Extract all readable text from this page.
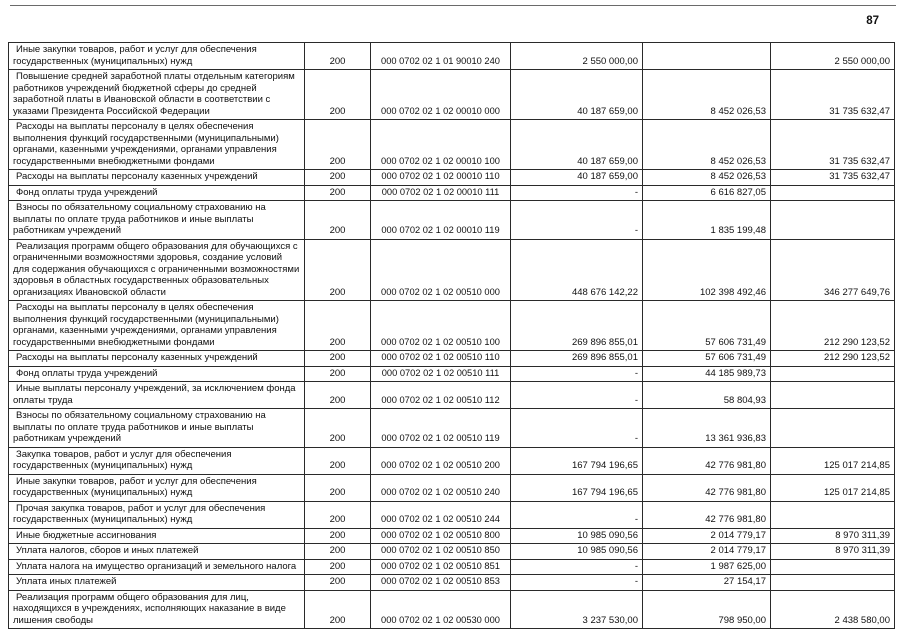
87
Иные закупки товаров, работ и услуг для обеспечения государственных (муниципальных) нужд	200	000 0702 02 1 01 90010 240	2 550 000,00		2 550 000,00
Повышение средней заработной платы отдельным категориям работников учреждений бюджетной сферы до средней заработной платы в Ивановской области в соответствии с указами Президента Российской Федерации	200	000 0702 02 1 02 00010 000	40 187 659,00	8 452 026,53	31 735 632,47
Расходы на выплаты персоналу в целях обеспечения выполнения функций государственными (муниципальными) органами, казенными учреждениями, органами управления государственными внебюджетными фондами	200	000 0702 02 1 02 00010 100	40 187 659,00	8 452 026,53	31 735 632,47
Расходы на выплаты персоналу казенных учреждений	200	000 0702 02 1 02 00010 110	40 187 659,00	8 452 026,53	31 735 632,47
Фонд оплаты труда учреждений	200	000 0702 02 1 02 00010 111	-	6 616 827,05	
Взносы по обязательному социальному страхованию на выплаты по оплате труда работников и иные выплаты работникам учреждений	200	000 0702 02 1 02 00010 119	-	1 835 199,48	
Реализация программ общего образования для обучающихся с ограниченными возможностями здоровья, создание условий для содержания обучающихся с ограниченными возможностями здоровья в областных государственных образовательных организациях Ивановской области	200	000 0702 02 1 02 00510 000	448 676 142,22	102 398 492,46	346 277 649,76
Расходы на выплаты персоналу в целях обеспечения выполнения функций государственными (муниципальными) органами, казенными учреждениями, органами управления государственными внебюджетными фондами	200	000 0702 02 1 02 00510 100	269 896 855,01	57 606 731,49	212 290 123,52
Расходы на выплаты персоналу казенных учреждений	200	000 0702 02 1 02 00510 110	269 896 855,01	57 606 731,49	212 290 123,52
Фонд оплаты труда учреждений	200	000 0702 02 1 02 00510 111	-	44 185 989,73	
Иные выплаты персоналу учреждений, за исключением фонда оплаты труда	200	000 0702 02 1 02 00510 112	-	58 804,93	
Взносы по обязательному социальному страхованию на выплаты по оплате труда работников и иные выплаты работникам учреждений	200	000 0702 02 1 02 00510 119	-	13 361 936,83	
Закупка товаров, работ и услуг для обеспечения государственных (муниципальных) нужд	200	000 0702 02 1 02 00510 200	167 794 196,65	42 776 981,80	125 017 214,85
Иные закупки товаров, работ и услуг для обеспечения государственных (муниципальных) нужд	200	000 0702 02 1 02 00510 240	167 794 196,65	42 776 981,80	125 017 214,85
Прочая закупка товаров, работ и услуг для обеспечения государственных (муниципальных) нужд	200	000 0702 02 1 02 00510 244	-	42 776 981,80	
Иные бюджетные ассигнования	200	000 0702 02 1 02 00510 800	10 985 090,56	2 014 779,17	8 970 311,39
Уплата налогов, сборов и иных платежей	200	000 0702 02 1 02 00510 850	10 985 090,56	2 014 779,17	8 970 311,39
Уплата налога на имущество организаций и земельного налога	200	000 0702 02 1 02 00510 851	-	1 987 625,00	
Уплата иных платежей	200	000 0702 02 1 02 00510 853	-	27 154,17	
Реализация программ общего образования для лиц, находящихся в учреждениях, исполняющих наказание в виде лишения свободы	200	000 0702 02 1 02 00530 000	3 237 530,00	798 950,00	2 438 580,00
